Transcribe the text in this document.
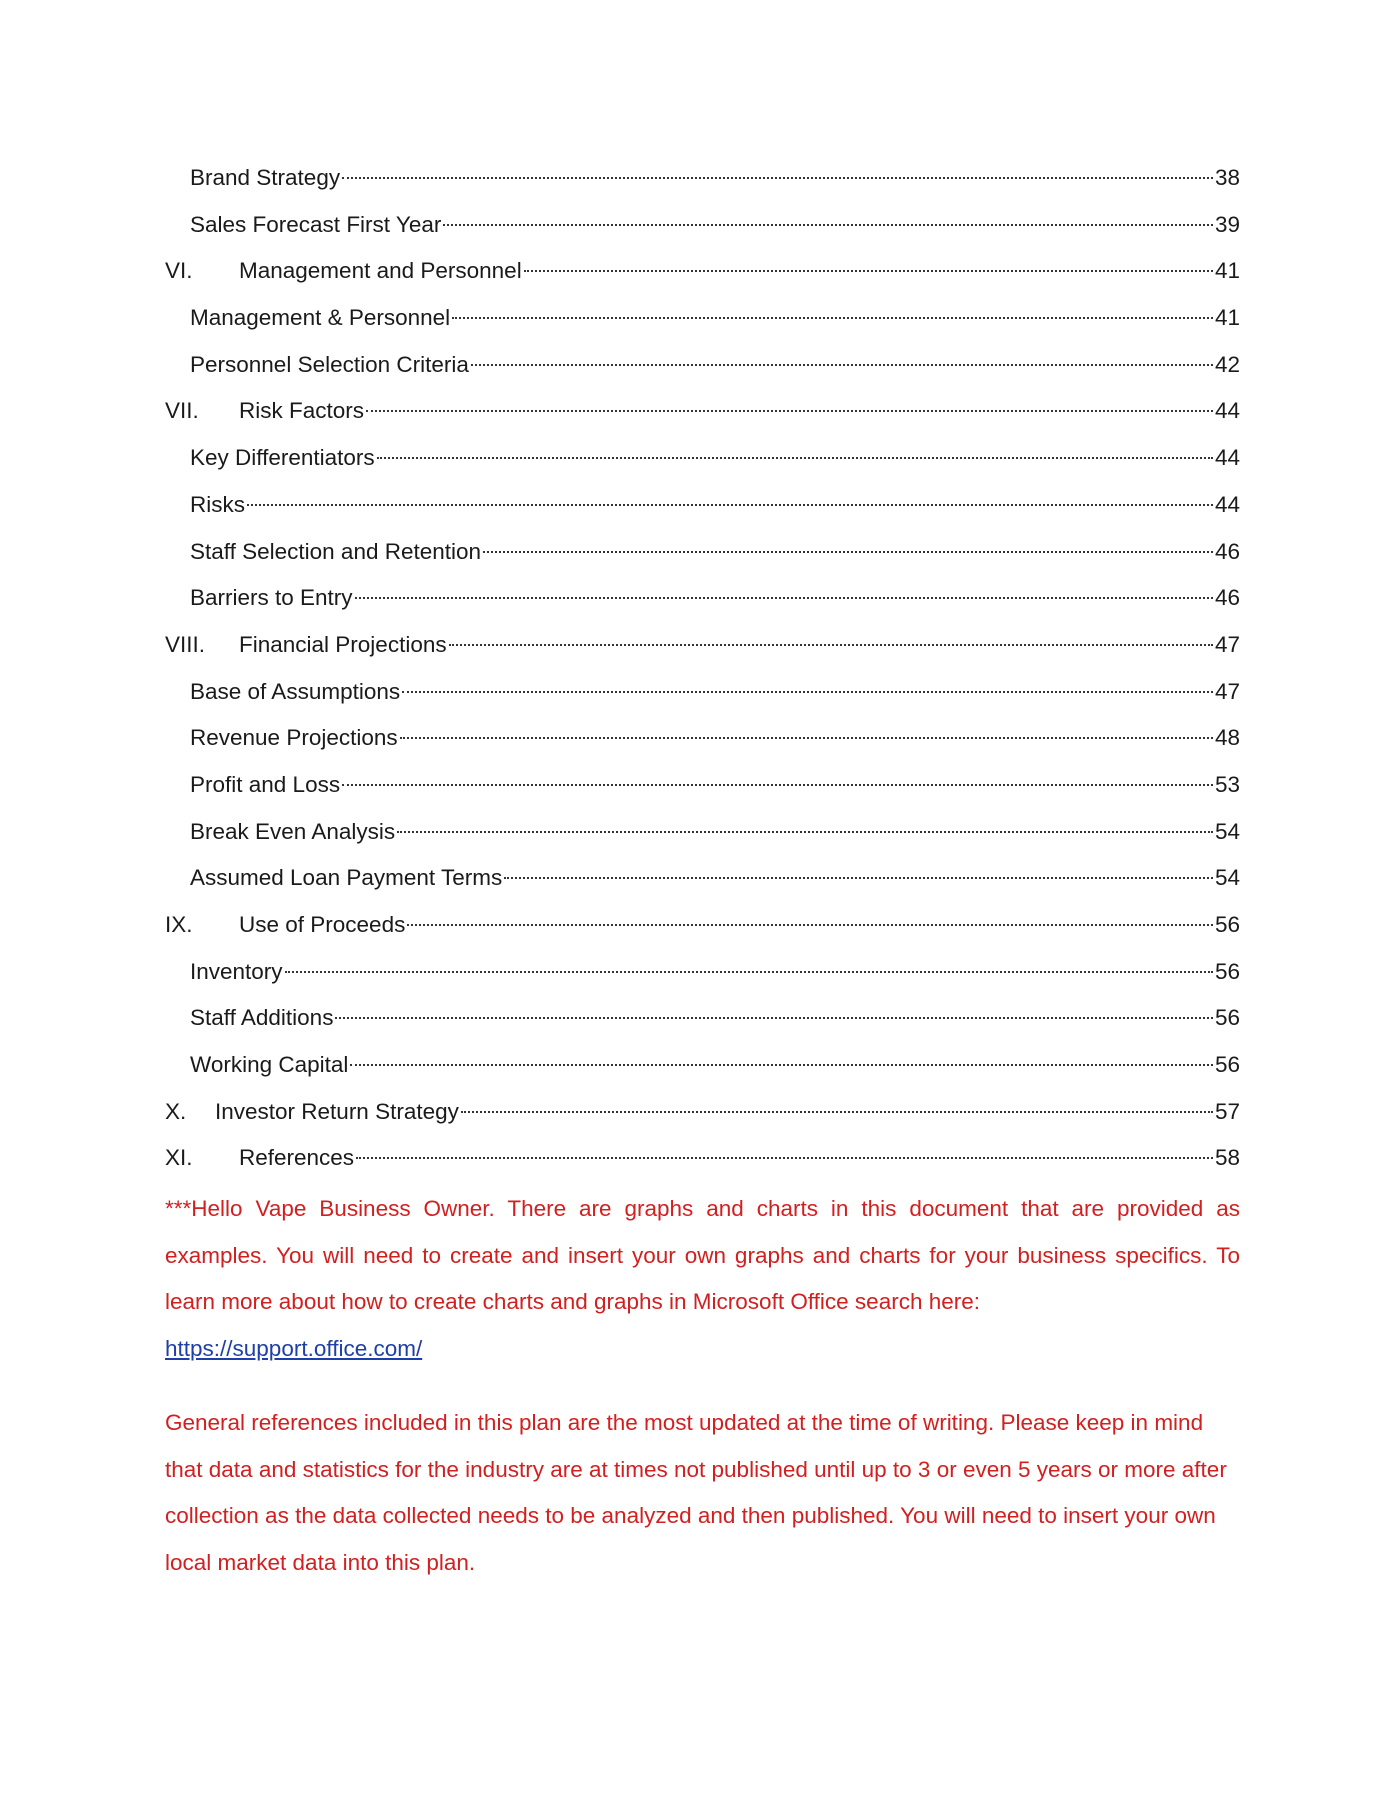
Brand Strategy	38
Sales Forecast First Year	39
VI.	Management and Personnel	41
Management & Personnel	41
Personnel Selection Criteria	42
VII.	Risk Factors	44
Key Differentiators	44
Risks	44
Staff Selection and Retention	46
Barriers to Entry	46
VIII.	Financial Projections	47
Base of Assumptions	47
Revenue Projections	48
Profit and Loss	53
Break Even Analysis	54
Assumed Loan Payment Terms	54
IX.	Use of Proceeds	56
Inventory	56
Staff Additions	56
Working Capital	56
X.	Investor Return Strategy	57
XI.	References	58
***Hello Vape Business Owner. There are graphs and charts in this document that are provided as examples. You will need to create and insert your own graphs and charts for your business specifics. To learn more about how to create charts and graphs in Microsoft Office search here:
https://support.office.com/
General references included in this plan are the most updated at the time of writing. Please keep in mind that data and statistics for the industry are at times not published until up to 3 or even 5 years or more after collection as the data collected needs to be analyzed and then published. You will need to insert your own local market data into this plan.
